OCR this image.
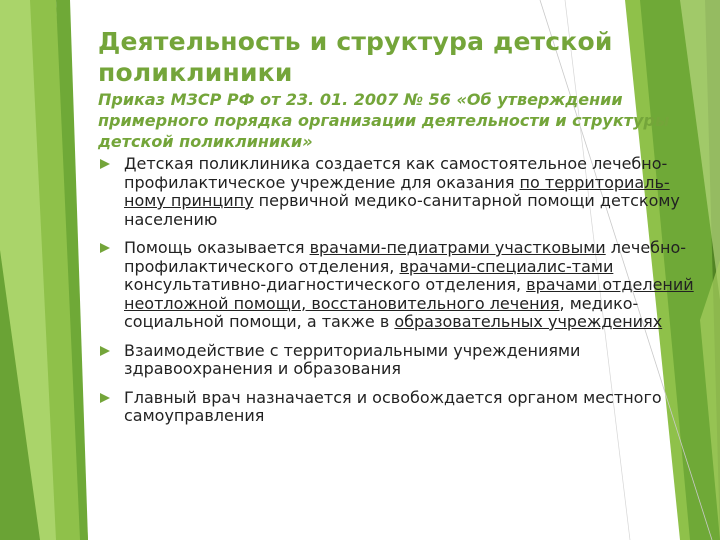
Деятельность и структура детской поликлиники
Приказ МЗСР РФ от 23. 01. 2007 № 56 «Об утверждении примерного порядка организации деятельности и структуры детской поликлиники»
Детская поликлиника создается как самостоятельное лечебно-профилактическое учреждение для оказания по территориаль-ному принципу первичной медико-санитарной помощи детскому населению
Помощь оказывается врачами-педиатрами участковыми лечебно-профилактического отделения, врачами-специалис-тами консультативно-диагностического отделения, врачами отделений неотложной помощи, восстановительного лечения, медико-социальной помощи, а также в образовательных учреждениях
Взаимодействие с территориальными учреждениями здравоохранения и образования
Главный врач назначается и освобождается органом местного самоуправления
